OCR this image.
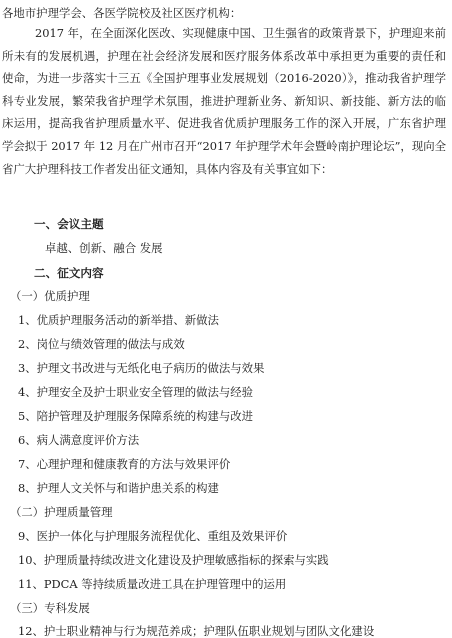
各地市护理学会、各医学院校及社区医疗机构：
2017 年，在全面深化医改、实现健康中国、卫生强省的政策背景下，护理迎来前所未有的发展机遇，护理在社会经济发展和医疗服务体系改革中承担更为重要的责任和使命，为进一步落实十三五《全国护理事业发展规划（2016-2020）》，推动我省护理学科专业发展，繁荣我省护理学术氛围，推进护理新业务、新知识、新技能、新方法的临床运用，提高我省护理质量水平、促进我省优质护理服务工作的深入开展，广东省护理学会拟于 2017 年 12 月在广州市召开“2017 年护理学术年会暨岭南护理论坛”，现向全省广大护理科技工作者发出征文通知，具体内容及有关事宜如下：
一、会议主题
卓越、创新、融合 发展
二、征文内容
（一）优质护理
1、优质护理服务活动的新举措、新做法
2、岗位与绩效管理的做法与成效
3、护理文书改进与无纸化电子病历的做法与效果
4、护理安全及护士职业安全管理的做法与经验
5、陪护管理及护理服务保障系统的构建与改进
6、病人满意度评价方法
7、心理护理和健康教育的方法与效果评价
8、护理人文关怀与和谐护患关系的构建
（二）护理质量管理
9、医护一体化与护理服务流程优化、重组及效果评价
10、护理质量持续改进文化建设及护理敏感指标的探索与实践
11、PDCA 等持续质量改进工具在护理管理中的运用
（三）专科发展
12、护士职业精神与行为规范养成；护理队伍职业规划与团队文化建设
